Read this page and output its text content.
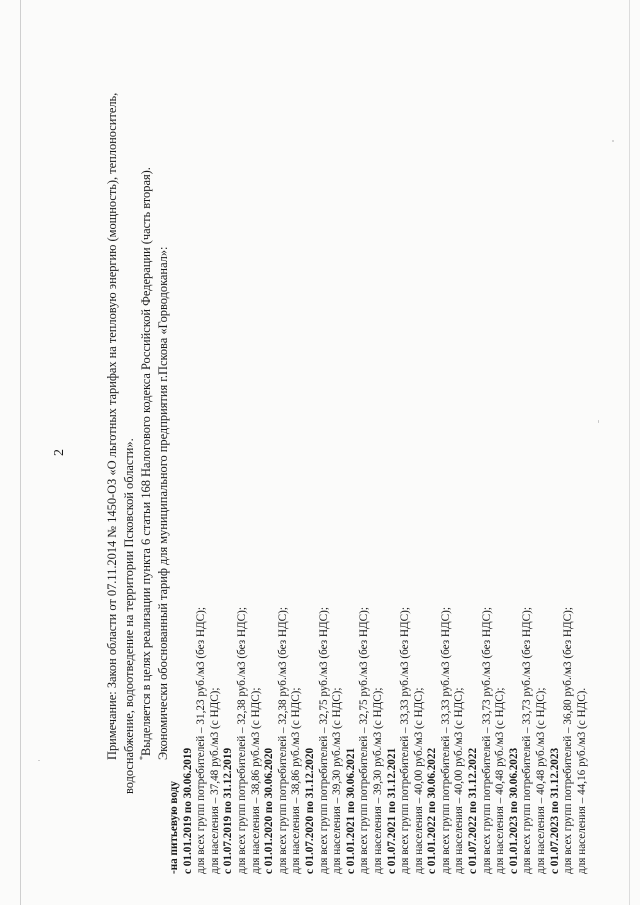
2	Примечание: Закон области от 07.11.2014 № 1450-ОЗ «О льготных тарифах на тепловую энергию (мощность), теплоноситель, водоснабжение, водоотведение на территории Псковской области». *Выделяется в целях реализации пункта 6 статьи 168 Налогового кодекса Российской Федерации (часть вторая). Экономически обоснованный тариф для муниципального предприятия г.Пскова «Горводоканал»:

-на питьевую воду с 01.01.2019 по 30.06.2019 для всех групп потребителей – 31,23 руб./м3 (без НДС); для населения – 37,48 руб./м3 (с НДС); с 01.07.2019 по 31.12.2019 для всех групп потребителей – 32,38 руб./м3 (без НДС); для населения – 38,86 руб./м3 (с НДС); с 01.01.2020 по 30.06.2020 для всех групп потребителей – 32,38 руб./м3 (без НДС); для населения – 38,86 руб./м3 (с НДС); с 01.07.2020 по 31.12.2020 для всех групп потребителей – 32,75 руб./м3 (без НДС); для населения – 39,30 руб./м3 (с НДС); с 01.01.2021 по 30.06.2021 для всех групп потребителей – 32,75 руб./м3 (без НДС); для населения – 39,30 руб./м3 (с НДС); с 01.07.2021 по 31.12.2021 для всех групп потребителей – 33,33 руб./м3 (без НДС); для населения – 40,00 руб./м3 (с НДС); с 01.01.2022 по 30.06.2022 для всех групп потребителей – 33,33 руб./м3 (без НДС); для населения – 40,00 руб./м3 (с НДС); с 01.07.2022 по 31.12.2022 для всех групп потребителей – 33,73 руб./м3 (без НДС); для населения – 40,48 руб./м3 (с НДС); с 01.01.2023 по 30.06.2023 для всех групп потребителей – 33,73 руб./м3 (без НДС); для населения – 40,48 руб./м3 (с НДС); с 01.07.2023 по 31.12.2023 для всех групп потребителей – 36,80 руб./м3 (без НДС); для населения – 44,16 руб./м3 (с НДС).
